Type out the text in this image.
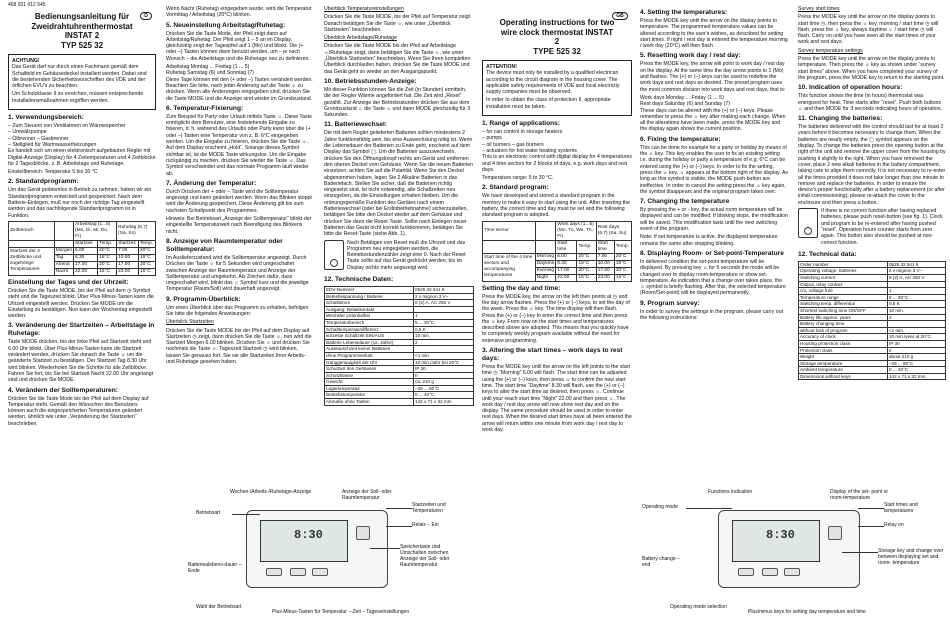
468 931 012 545
D
Bedienungsanleitung für Zweidrahtuhrenthermostat INSTAT 2
TYP 525 32
ACHTUNG!

Das Gerät darf nur durch einen Fachmann gemäß dem Schaltbild im Gehäusedeckel installiert werden. Dabei sind die bestehenden Sicherheitsvorschriften des VDE und der örtlichen EVU's zu beachten.

Um Schutzklasse II zu erreichen, müssen entsprechende Installationsmaßnahmen ergriffen werden.

1. Verwendungsbereich:
– Zum Steuern von Ventilatoren im Wärmespeicher
– Umwälzpumpe
– Ölbrenner – Gasbrenner
– Stellglied für Warmwasserheizungen

Es handelt sich um einen elektronisch aufgebauten Regler mit Digital-Anzeige (Display) für 4 Zeitemperaturen und 4 Zeitblöcke für 2 Tagesblöcke, z. B. Arbeitstage und Ruhetage.

Einstellbereich: Temperatur 5 bis 30 °C

2. Standardprogramm:

Um das Gerät problemlos in Betrieb zu nehmen, haben wir ein Standardprogramm entwickelt und gespeichert. Nach dem Batterie-Einlegen, muß nur noch der richtige Tag eingestellt werden und das nachfolgende Standardprogramm ist in Funktion.

Zeitbereich		Arbeitstag (1...5) (Mo, Di, Mi, Do, Fr)		Ruhetag (6,7) (Sa, So)	
		Startzeit	Temp.	Startzeit	Temp.
Startzeit der 4 Zeitblöcke und zugehörige Temperaturen	Morgen	6.00	20°C	7.00	20°C
	Tag	8.30	18°C	10.00	19°C
	Abend	17.00	20°C	17.00	20°C
	Nacht	22.00	15°C	23.00	15°C
Einstellung der Tages und der Uhrzeit:

Drücken Sie die Taste MODE, bis der Pfeil auf dem ◷ Symbol steht und die Tageszeit blinkt. Über Plus-Minus-Tasten kann die Uhrzeit eingestellt werden. Drücken Sie MODE um die Einstellung zu bestätigen. Nun kann der Wochentag eingestellt werden.

3. Veränderung der Startzeiten – Arbeitstage in Ruhetage:

Taste MODE drücken, bis der linke Pfeil auf Startzeit steht und 6.00 Uhr blinkt. Über Plus-Minus-Tasten kann die Startzeit verändert werden, drücken Sie danach die Taste ☼ um die geänderte Startzeit zu bestätigen. Der Startzeit Tag 8.30 Uhr wird blinken. Wiederholen Sie die Schritte für alle Zeitblöcke. Fahren Sie fort, bis Sie bei Startzeit Nacht 22.00 Uhr angelangt sind und drücken Sie MODE.

4. Verändern der Solltemperaturen:

Drücken Sie die Taste Mode bis der Pfeil auf dem Display auf Temperatur steht. Gemäß den Wünschen des Benutzers können auch die eingespeicherten Temperaturen geändert werden, ähnlich wie unter „Veränderung der Startzeiten“ beschrieben.

Wenn Nacht (Ruhetag) eingegeben wurde, wird die Temperatur Vormittag / Arbeitstag (20°C) blinken.

5. Neueinstellung Arbeitstag/Ruhetag:

Drücken Sie die Taste Mode, der Pfeil zeigt dann auf Arbeitstag/Ruhetag. Der Pfeil zeigt 1 – 5 an im Display, gleichzeitig zeigt der Tagespfeil auf 1 (Mo) und blinkt. Die (+ oder –) Tasten können dann benutzt werden, um – je nach Wunsch – die Arbeitstage und die Ruhetage neu zu definieren.

Arbeitstag Montag ... Freitag (1 ... 5)
Ruhetag Samstag (6) und Sonntag (7)

Diese Tage können mit den (+ oder –) Tasten verändert werden. Beachten Sie bitte, nach jeder Änderung auf die Taste ☼ zu drücken. Wenn alle Änderungen eingegeben sind, drücken Sie die Taste MODE und die Anzeige sind wieder im Grundzustand.

6. Temperatur-Fixierung:

Zum Beispiel für Party oder Urlaub mittels Taste ☼. Diese Taste ermöglicht dem Benutzer, eine feststehende Eingabe zu fixieren, d. h. während des Urlaubs oder Party kann über die (+ oder –) Tasten eine Temperatur von z. B. 6°C eingegeben werden. Um die Eingabe zu fixieren, drücken Sie die Taste ☼. Auf dem Display erscheint „Hold“. Solange dieses Symbol sichtbar ist, ist die MODE Taste wirkungslos. Um die Eingabe rückgängig zu machen, drücken Sie wieder die Taste ☼. Das Symbol verschwindet und das normale Programm läuft wieder ab.

7. Änderung der Temperatur:

Durch Drücken der + oder – Taste wird die Solltemperatur angezeigt und kann geändert werden. Wenn das Blinken stoppt wird die Änderung gespeichert. Diese Änderung gilt bis zum nächsten Schaltpunkt des Programmes.

Hinweis: Bei Betriebsart „Anzeige der Solltemperatur“ blinkt der eingestellte Temperaturwert nach Beendigung des Blinkens nicht.

8. Anzeige von Raumtemperatur oder Solltemperatur:

Im Auslieferzustand wird die Solltemperatur angezeigt. Durch Drücken der Taste ☼ für 5 Sekunden wird umgeschaltet zwischen Anzeige der Raumtemperatur und Anzeige der Solltemperatur und umgekehrt. Als Zeichen dafür, dass umgeschaltet wird, blinkt das ☼ Symbol kurz und die jeweilige Temperatur (Raum/Soll) wird dauerhaft angezeigt.

9. Programm-Überblick:

Um einen Überblick über das Programm zu erhalten, befolgen Sie bitte die folgenden Anweisungen:

Überblick Startzeiten

Drücken Sie die Taste MODE bis der Pfeil auf dem Display auf Startzeiten ◷ zeigt, dann drücken Sie die Taste ☼, nun wird die Startzeit Morgen 6.00 blinken. Drücken Sie ☼ und drücken Sie nochmals die Taste ☼. Tageszeit Startzeit ◷ wird blinken, lassen Sie genauso fort. Sie sie alle Startzeiten Ihrer Arbeits- und Ruhetage gesehen haben.

Überblick Temperatureinstellungen

Drücken Sie die Taste MODE, bis der Pfeil auf Temperatur zeigt. Danach betätigen Sie die Taste ☼, wie unter „Überblick Startzeiten“ beschrieben.

Überblick Arbeitstage/Ruhetage

Drücken Sie die Taste MODE bis der Pfeil auf Arbeitstage ☼/Ruhetage zeigt, dann betätigen Sie die Taste ☼, wie unter „Überblick Startzeiten“ beschrieben. Wenn Sie Ihren kompletten Überblick durchlaufen haben, drücken Sie die Taste MODE und das Gerät geht so wieder an den Ausgangspunkt.

10. Betriebsstunden-Anzeige:

Mit dieser Funktion können Sie die Zeit (in Stunden) ermitteln, die der Regler Wärme angefordert hat. Die Zeit wird „Reset“ gezählt. Zur Anzeige der Betriebsstunden drücken Sie aus dem Grundzustand ☼ die Taste ☼ und dann MODE gleichzeitig für 3 Sekunden.

11. Batteriewechsel:

Die mit dem Regler gelieferten Batterien sollten mindestens 2 Jahre funktionsfähig sein, bis eine Auswechslung nötig ist. Wenn die Lebensdauer der Batterien zu Ende geht, erscheint auf dem Display das Symbol ▢. Um die Batterien auszuwechseln, drücken Sie den Öffnungsknopf rechts am Gerät und entfernen den oberen Deckel vom Gehäuse. Wenn Sie die neuen Batterien einsetzen, achten Sie auf die Polarität. Wenn Sie den Deckel abgenommen haben, legen Sie 2 Alkaline Batterien in das Batteriefach. Stellen Sie sicher, daß die Batterien richtig eingesetzt sind. Ist nicht notwendig, alle Schaltzeiten neu einzugeben, da die Einstellungen erhalten bleiben. Um die ordnungsgemäße Funktion des Gerätes nach einem Batteriewechsel (oder bei Erstinbetriebnahme) sicherzustellen, betätigen Sie bitte den Deckel wieder auf dem Gehäuse und drücken Sie dann die Reset-Taste. Sollte nach Einlegen neuer Batterien das Gerät nicht korrekt funktionieren, betätigen Sie bitte die Reset-Taste (siehe Abb. 1).

Nach Betätigen von Reset muß die Uhrzeit und das Programm neu eingegeben werden, die Betriebsstundenzähler zeigt eine 0. Nach der Reset Taste sollte auf das Gerät gedrückt werden, bis im Display nichts mehr angezeigt wird.

12. Technische Daten:
EDV-Nummer	0525 32 641 9
Betriebsspannung / Batterie	2 x mignon 3 V–
Schaltstrom	8 (2) A, AC 250 V
Ausgang: Relaiskontakt	
Wechsler potentialfrei	1
Temperaturbereich	5 ... 30°C
Schalttemperaturdifferenz	0,5 K
kürzeste Schaltzeit EIN/AUS	10 min.
Batterie Lebensdauer (ca. Jahre)	2
Ausstauschzeit keiner Batterien	
ohne Programmverlust	<1 min.
Ganggenauigkeit der Uhr	10 min./Jahr bei 20°C
Schutzart des Gehäuses	IP 30
Schutzklasse	II
Gewicht	ca. 210 g
Lagertemperatur	–25 ... 60°C
Betriebstemperatur	0 ... 40°C
Abmaße ohne Tasten	142 x 71 x 32 mm
GB
Operating instructions for two wire clock thermostat INSTAT 2
TYPE 525 32
ATTENTION!

The device must only be installed by a qualified electrican according to the circuit diagram in the housing cover. The applicable safety requirements of VDE and local electricity supply companies must be observed.

In order to obtain the class of protection II, appropriate installation must be taken.

1. Range of applications:
– for can control in storage heaters
– pumps
– oil burners – gas burners
– actuators for hot water heating systems

This is an electronic control with digital display for 4 temperatures and 4 time sectors for 2 blocks of days, e.g. work days and rest days.

Temperature range: 5 to 30 °C.

2. Standard program:

We have developed and stored a standard program in the memory to make it easy to start using the unit. After inserting the battery, the correct time and day must be set and the following standard program is adopted.

Time sector		Work days (1...5) (Mo, Tu, We, Th, Fr)		Rest days (6,7) (Sa, Su)	
		Start time	Temp.	Start time	Temp.
Start time of the 4 time sectors and accompanying temperatures	Morning	6.00	20°C	7.00	20°C
	Daytime	8.30	18°C	10.00	19°C
	Evening	17.00	20°C	17.00	20°C
	Night	22.00	15°C	23.00	15°C
Setting the day and time:

Press the MODE key, the arrow on the left then points at ◷ and the day arrow flashes. Press the (+) or (–) keys, to set the day of the week. Press the ☼ key. The time display will then flash. Press the (+) or (–) key to enter the correct time and then press the ☼ key. From now on the start times and temperatures described above are adopted. This means that you quickly have to completely weekly program available without the need for extensive programming.

3. Altering the start times – work days to rest days:

Press the MODE key until the arrow on the left points to the start time ◷ “Morning” 6.00 will flash. The start time can be adjusted using the (+) or (–) keys, then press ☼ to confirm the new start time. The start time “Daytime” 8.30 will flash, use the (+) or (–) keys to alter the start time as desired, then press ☼. Continue until your reach start time “Night” 22.00 and then press ☼. The work day / rest day arrow will now show rest day and on the display. The same procedure should be used in order to enter rest days. When the desired start times have all been entered the arrow will return within one minute from work day / rest day to work day.

4. Setting the temperatures:

Press the MODE key until the arrow on the display points to temperature. The programmed temperature values can be altered according to the user's wishes, as described for setting start times. If night / rest day is entered the temperature morning / work day (20°C) will then flash.

5. Resetting work day / rest day:

Press the MODE key, the arrow will point to work day / rest day on the display. At the same time the day arrow points to 1 (Mo) and flashes. The (+) or (–) keys can be used to redefine the work days and rest days as desired. The preset program uses the most common division into work days and rest days, that is:

Work days Monday ... Friday (1 ... 5)
Rest days Saturday (6) and Sunday (7)

These days can be altered with the (+) or (–) keys. Please remember to press the ☼ key after making each change. When all the alterations have been made, press the MODE key and the display again shows the current position.

6. Fixing the temperature:

This can be done for example for a party or holiday by means of the ☼ key. This key enables the user to fix an existing setting i.e. during the holiday or party a temperature of e.g. 6°C can be entered using the (+) or (–) keys. In order to fix the setting, press the ☼ key. ☼ appears at the bottom right of the display. As long as this symbol is visible, the MODE push-button are ineffective. In order to cancel the setting press the ☼ key again, the symbol disappears and the original program takes over.

7. Changing the temperature

By pressing the + or - key, the actual room temperature will be displayed and can be modified. If blinking stops, the modification will be saved. This modification lasts until the next switching event of the program.

Note: If set temperature is active, the displayed temperature remains the same after stopping blinking.

8. Displaying Room- or Set-point-Temperature

In delivered condition the set-point temperature will be displayed. By pressing key ☼ for 5 seconds the mode will be changed over to display room-temperature or show set-temperature. As indication that a change over takes place, the ☼ symbol is briefly flashing. After this, the selected temperature (Room/Set-point) will be displayed permanently.

9. Program survey:

In order to survey the settings in the program, please carry out the following instructions:

Survey start times

Press the MODE key until the arrow on the display points to start time ◷, then press the ☼ key, morning / start time ◷ will flash, press the ☼ key, always daytime ☼ / start time ◷ will flash. Carry on until you have seen all the start times of your work and rest days.

Survey temperature settings

Press the MODE key until the arrow on the display points to temperature. Then press the ☼ key as shown under “survey start times” above. When you have completed your survey of the program, press the MODE key to return to the starting point.

10. Indication of operation hours:

This function shows the time (in hours) thermostat was energized for heat. Time starts after “reset”. Push both buttons ☼ and then MODE for 3 seconds indicating hours of operation.

11. Changing the batteries:

The batteries delivered with the control should last for at least 2 years before it becomes necessary to change them. When the batteries are nearly empty, the ▢ symbol appears on the display. To change the batteries press the opening button at the right of the unit and remove the upper cover from the housing by pushing it slightly to the right. When you have removed the cover, place 2 new alkali batteries in the battery compartment, taking care to align them correctly. It is not necessary to re-enter all the times provided it does not take longer than one minute to remove and replace the batteries. In order to ensure the device's proper functionality after a battery replacement (or after initial commissioning), please re-attach the cover to the enclosure and then press a button.

If there is no correct function after having replaced batteries, please push reset-botton (see fig. 1). Clock and program to be re-entered after having pushed “reset”. Operation hours counter starts from zero again. This button also should be pushed at non-correct function.

12. Technical data:
Order number	0525 32 641 9
Operating voltage: batteries	2 x mignon 3 V–
Switching current	8 (2) A, AC 250 V
Output, relay contact	
c/o, voltage free	1
Temperature range	5 ... 30°C
Switching temp. differential	0,5 K
Shortest switching time ON/OFF	10 min.
Battery life approx. years	2
Battery changing time	
without loss of program	<1 min.
Accuracy of clock	10 min./year at 20°C
Housing protection class	IP 30
Protection class	II
Weight	about 210 g
Storage temperature	–25 ... 60°C
Ambient temperature	0 ... 40°C
Dimensions without keys	142 x 71 x 32 mm
8:30
Wochen-/Arbeits-/Ruhetage-Anzeige	Anzeige der Soll- oder Raumtemperatur
Betriebsart
Startzeiten und Temperaturen
Relais – Ein
Batteriealebens-dauer – Ende
Speichertaste und Umschalten zwischen Anzeige der Soll- oder Raumtemperatur
Wahl der Betriebsart
Plus-Minus-Tasten für Temperatur – Zeit – Tageseinstellungen
8:30
Functions indication	Display of the set- point or room-temperature
Operating mode	Start times and temperatures
Relay on
Battery change – end
Storage key and change over between displaying set and room- temperature
Operating mode selection
Plus/minus keys for setting day temperature and time
